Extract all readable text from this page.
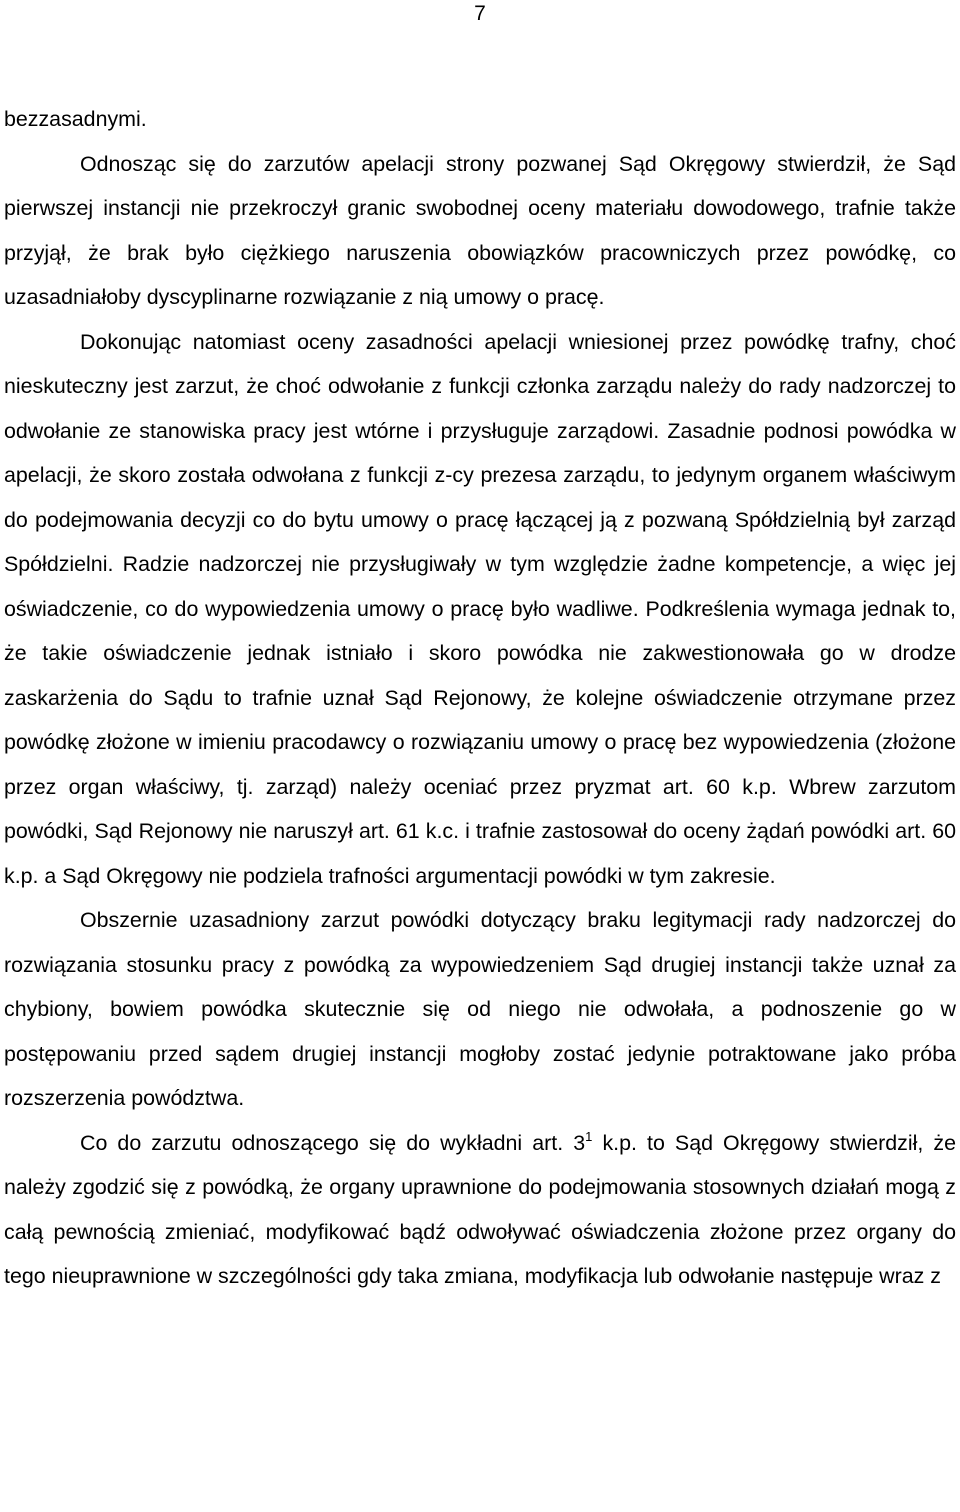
7

bezzasadnymi.

Odnosząc się do zarzutów apelacji strony pozwanej Sąd Okręgowy stwierdził, że Sąd pierwszej instancji nie przekroczył granic swobodnej oceny materiału dowodowego, trafnie także przyjął, że brak było ciężkiego naruszenia obowiązków pracowniczych przez powódkę, co uzasadniałoby dyscyplinarne rozwiązanie z nią umowy o pracę.

Dokonując natomiast oceny zasadności apelacji wniesionej przez powódkę trafny, choć nieskuteczny jest zarzut, że choć odwołanie z funkcji członka zarządu należy do rady nadzorczej to odwołanie ze stanowiska pracy jest wtórne i przysługuje zarządowi. Zasadnie podnosi powódka w apelacji, że skoro została odwołana z funkcji z-cy prezesa zarządu, to jedynym organem właściwym do podejmowania decyzji co do bytu umowy o pracę łączącej ją z pozwaną Spółdzielnią był zarząd Spółdzielni. Radzie nadzorczej nie przysługiwały w tym względzie żadne kompetencje, a więc jej oświadczenie, co do wypowiedzenia umowy o pracę było wadliwe. Podkreślenia wymaga jednak to, że takie oświadczenie jednak istniało i skoro powódka nie zakwestionowała go w drodze zaskarżenia do Sądu to trafnie uznał Sąd Rejonowy, że kolejne oświadczenie otrzymane przez powódkę złożone w imieniu pracodawcy o rozwiązaniu umowy o pracę bez wypowiedzenia (złożone przez organ właściwy, tj. zarząd) należy oceniać przez pryzmat art. 60 k.p. Wbrew zarzutom powódki, Sąd Rejonowy nie naruszył art. 61 k.c. i trafnie zastosował do oceny żądań powódki art. 60 k.p. a Sąd Okręgowy nie podziela trafności argumentacji powódki w tym zakresie.

Obszernie uzasadniony zarzut powódki dotyczący braku legitymacji rady nadzorczej do rozwiązania stosunku pracy z powódką za wypowiedzeniem Sąd drugiej instancji także uznał za chybiony, bowiem powódka skutecznie się od niego nie odwołała, a podnoszenie go w postępowaniu przed sądem drugiej instancji mogłoby zostać jedynie potraktowane jako próba rozszerzenia powództwa.

Co do zarzutu odnoszącego się do wykładni art. $3^1$ k.p. to Sąd Okręgowy stwierdził, że należy zgodzić się z powódką, że organy uprawnione do podejmowania stosownych działań mogą z całą pewnością zmieniać, modyfikować bądź odwoływać oświadczenia złożone przez organy do tego nieuprawnione w szczególności gdy taka zmiana, modyfikacja lub odwołanie następuje wraz z
